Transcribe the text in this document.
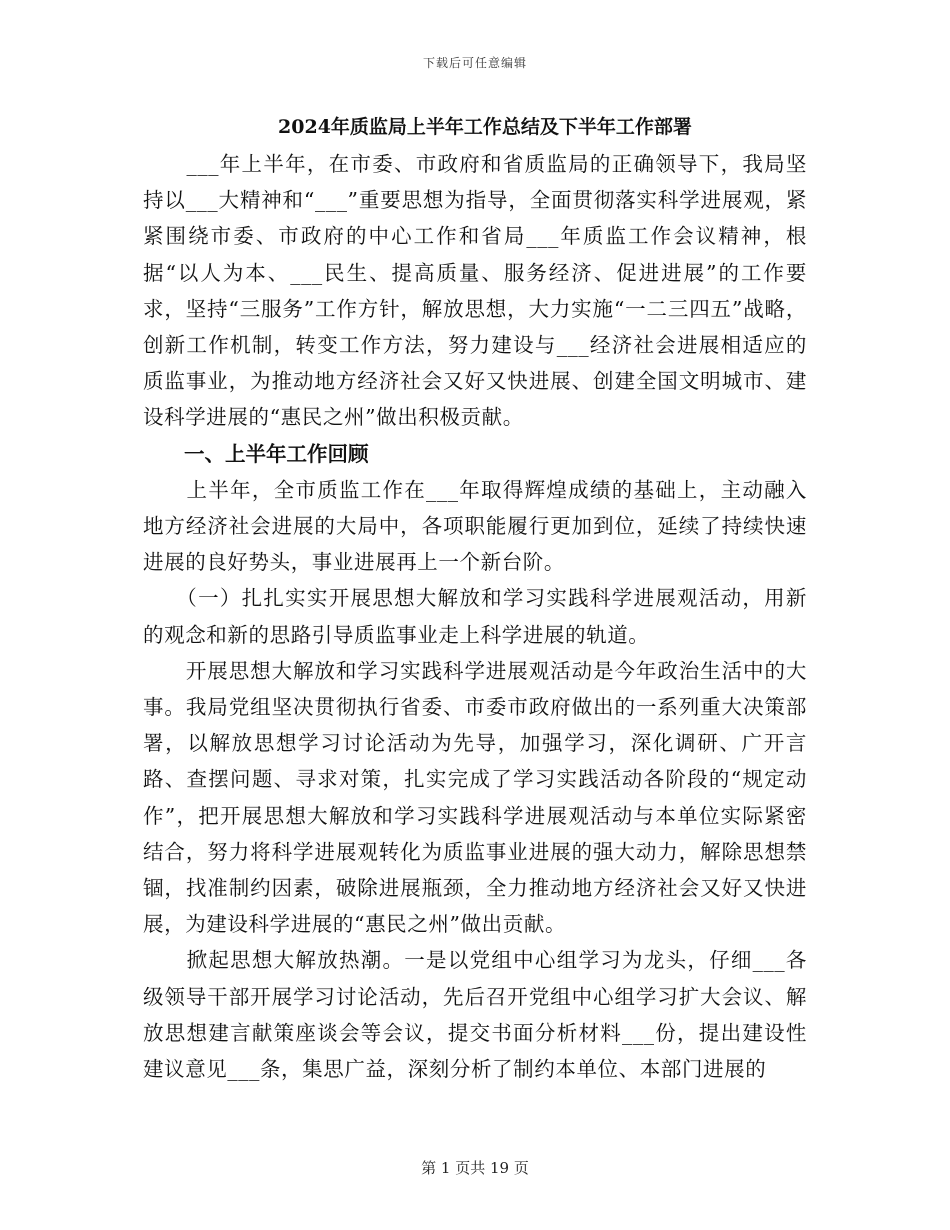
下载后可任意编辑
2024年质监局上半年工作总结及下半年工作部署

　　___年上半年，在市委、市政府和省质监局的正确领导下，我局坚持以___大精神和“___”重要思想为指导，全面贯彻落实科学进展观，紧紧围绕市委、市政府的中心工作和省局___年质监工作会议精神，根据“以人为本、___民生、提高质量、服务经济、促进进展”的工作要求，坚持“三服务”工作方针，解放思想，大力实施“一二三四五”战略，创新工作机制，转变工作方法，努力建设与___经济社会进展相适应的质监事业，为推动地方经济社会又好又快进展、创建全国文明城市、建设科学进展的“惠民之州”做出积极贡献。

一、上半年工作回顾

　　上半年，全市质监工作在___年取得辉煌成绩的基础上，主动融入地方经济社会进展的大局中，各项职能履行更加到位，延续了持续快速进展的良好势头，事业进展再上一个新台阶。

　　（一）扎扎实实开展思想大解放和学习实践科学进展观活动，用新的观念和新的思路引导质监事业走上科学进展的轨道。

　　开展思想大解放和学习实践科学进展观活动是今年政治生活中的大事。我局党组坚决贯彻执行省委、市委市政府做出的一系列重大决策部署，以解放思想学习讨论活动为先导，加强学习，深化调研、广开言路、查摆问题、寻求对策，扎实完成了学习实践活动各阶段的“规定动作”，把开展思想大解放和学习实践科学进展观活动与本单位实际紧密结合，努力将科学进展观转化为质监事业进展的强大动力，解除思想禁锢，找准制约因素，破除进展瓶颈，全力推动地方经济社会又好又快进展，为建设科学进展的“惠民之州”做出贡献。

　　掀起思想大解放热潮。一是以党组中心组学习为龙头，仔细___各级领导干部开展学习讨论活动，先后召开党组中心组学习扩大会议、解放思想建言献策座谈会等会议，提交书面分析材料___份，提出建设性建议意见___条，集思广益，深刻分析了制约本单位、本部门进展的

第 1 页共 19 页
